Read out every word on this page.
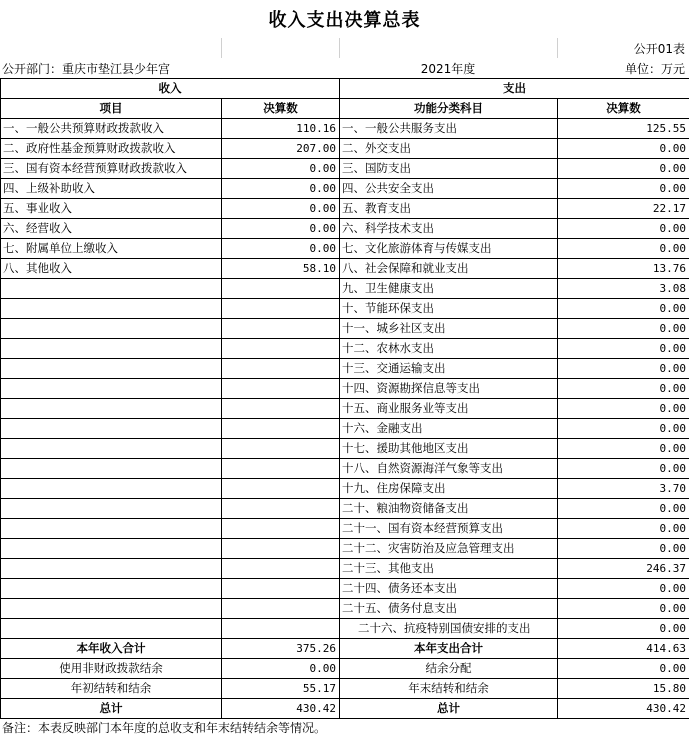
收入支出决算总表
公开01表
公开部门：重庆市垫江县少年宫	2021年度	单位：万元
收入		支出	
项目	决算数	功能分类科目	决算数
一、一般公共预算财政拨款收入	110.16	一、一般公共服务支出	125.55
二、政府性基金预算财政拨款收入	207.00	二、外交支出	0.00
三、国有资本经营预算财政拨款收入	0.00	三、国防支出	0.00
四、上级补助收入	0.00	四、公共安全支出	0.00
五、事业收入	0.00	五、教育支出	22.17
六、经营收入	0.00	六、科学技术支出	0.00
七、附属单位上缴收入	0.00	七、文化旅游体育与传媒支出	0.00
八、其他收入	58.10	八、社会保障和就业支出	13.76
		九、卫生健康支出	3.08
		十、节能环保支出	0.00
		十一、城乡社区支出	0.00
		十二、农林水支出	0.00
		十三、交通运输支出	0.00
		十四、资源勘探信息等支出	0.00
		十五、商业服务业等支出	0.00
		十六、金融支出	0.00
		十七、援助其他地区支出	0.00
		十八、自然资源海洋气象等支出	0.00
		十九、住房保障支出	3.70
		二十、粮油物资储备支出	0.00
		二十一、国有资本经营预算支出	0.00
		二十二、灾害防治及应急管理支出	0.00
		二十三、其他支出	246.37
		二十四、债务还本支出	0.00
		二十五、债务付息支出	0.00
		二十六、抗疫特别国债安排的支出	0.00
本年收入合计	375.26	本年支出合计	414.63
使用非财政拨款结余	0.00	结余分配	0.00
年初结转和结余	55.17	年末结转和结余	15.80
总计	430.42	总计	430.42
备注：本表反映部门本年度的总收支和年末结转结余等情况。
